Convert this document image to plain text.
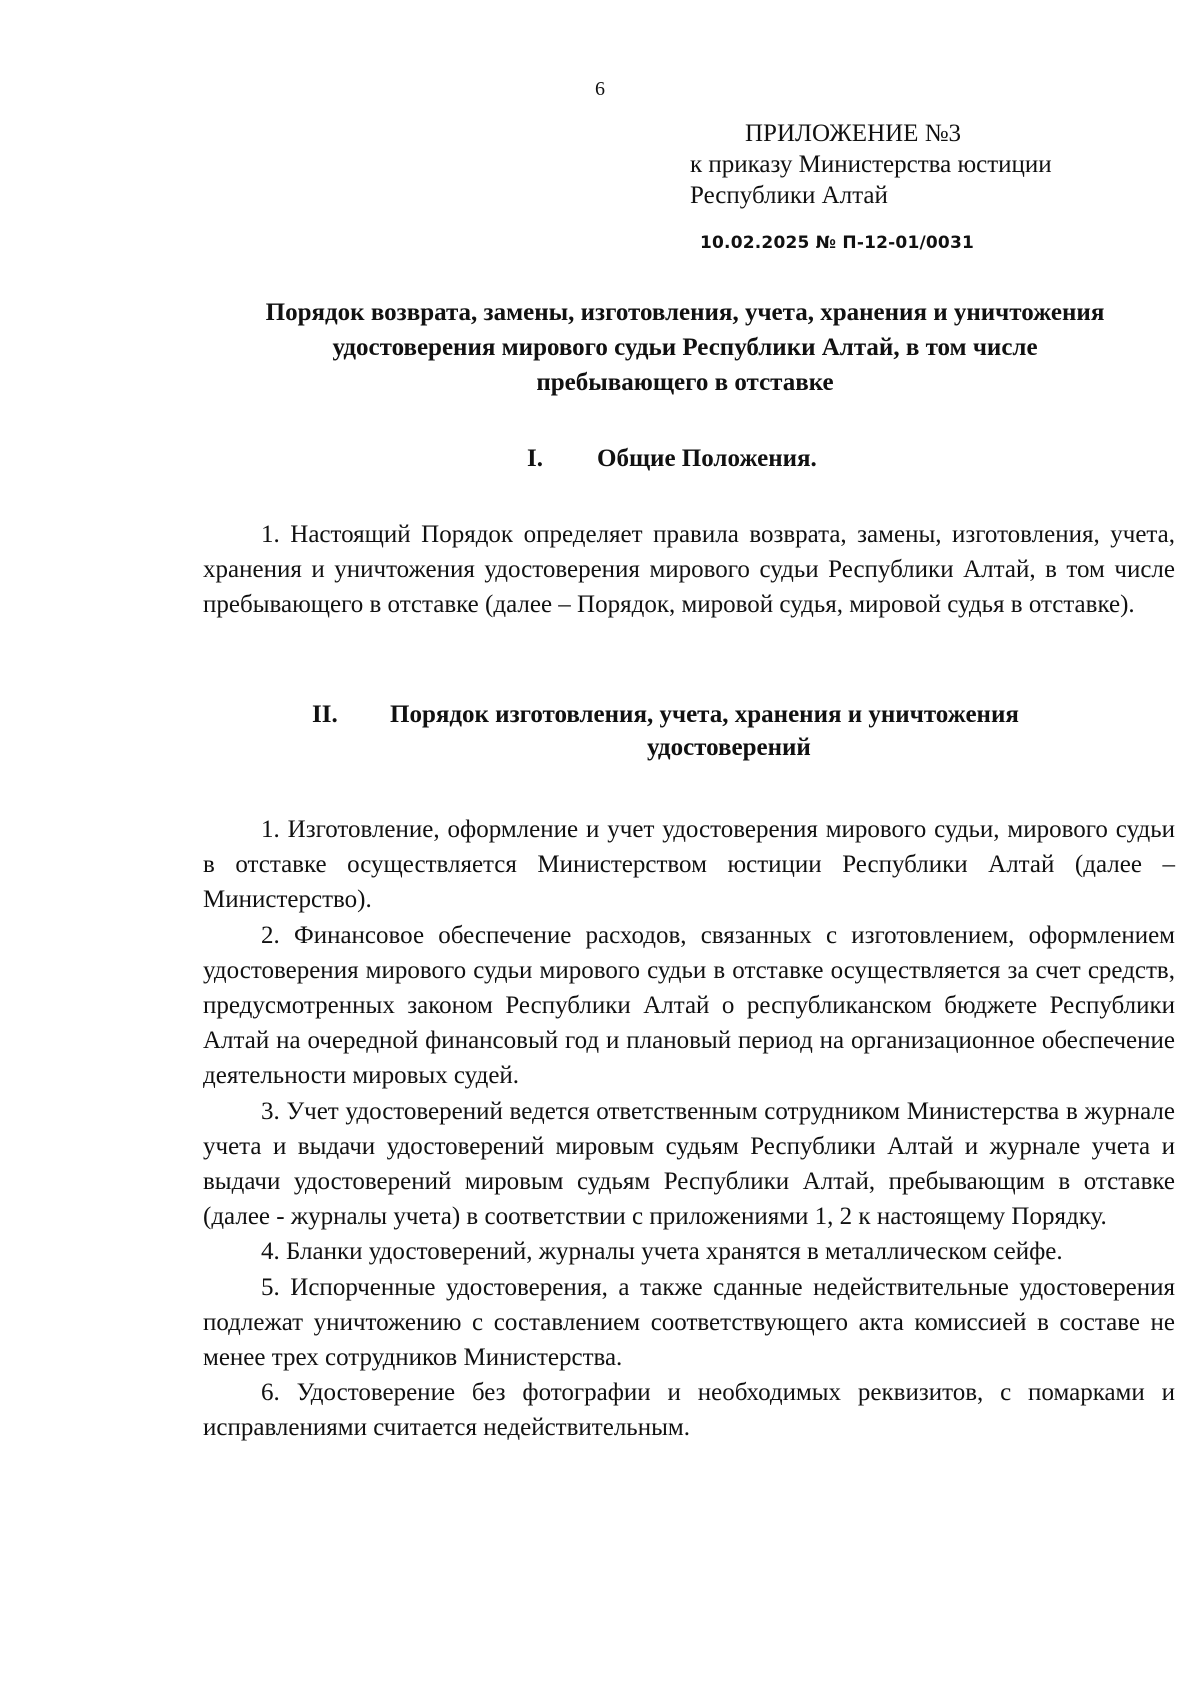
6
ПРИЛОЖЕНИЕ №3
к приказу Министерства юстиции
Республики Алтай
10.02.2025 № П-12-01/0031
Порядок возврата, замены, изготовления, учета, хранения и уничтожения
удостоверения мирового судьи Республики Алтай, в том числе
пребывающего в отставке
I. Общие Положения.

1. Настоящий Порядок определяет правила возврата, замены, изготовления, учета, хранения и уничтожения удостоверения мирового судьи Республики Алтай, в том числе пребывающего в отставке (далее – Порядок, мировой судья, мировой судья в отставке).

II. Порядок изготовления, учета, хранения и уничтожения
удостоверений

1. Изготовление, оформление и учет удостоверения мирового судьи, мирового судьи в отставке осуществляется Министерством юстиции Республики Алтай (далее – Министерство).

2. Финансовое обеспечение расходов, связанных с изготовлением, оформлением удостоверения мирового судьи мирового судьи в отставке осуществляется за счет средств, предусмотренных законом Республики Алтай о республиканском бюджете Республики Алтай на очередной финансовый год и плановый период на организационное обеспечение деятельности мировых судей.

3. Учет удостоверений ведется ответственным сотрудником Министерства в журнале учета и выдачи удостоверений мировым судьям Республики Алтай и журнале учета и выдачи удостоверений мировым судьям Республики Алтай, пребывающим в отставке (далее - журналы учета) в соответствии с приложениями 1, 2 к настоящему Порядку.

4. Бланки удостоверений, журналы учета хранятся в металлическом сейфе.

5. Испорченные удостоверения, а также сданные недействительные удостоверения подлежат уничтожению с составлением соответствующего акта комиссией в составе не менее трех сотрудников Министерства.

6. Удостоверение без фотографии и необходимых реквизитов, с помарками и исправлениями считается недействительным.
